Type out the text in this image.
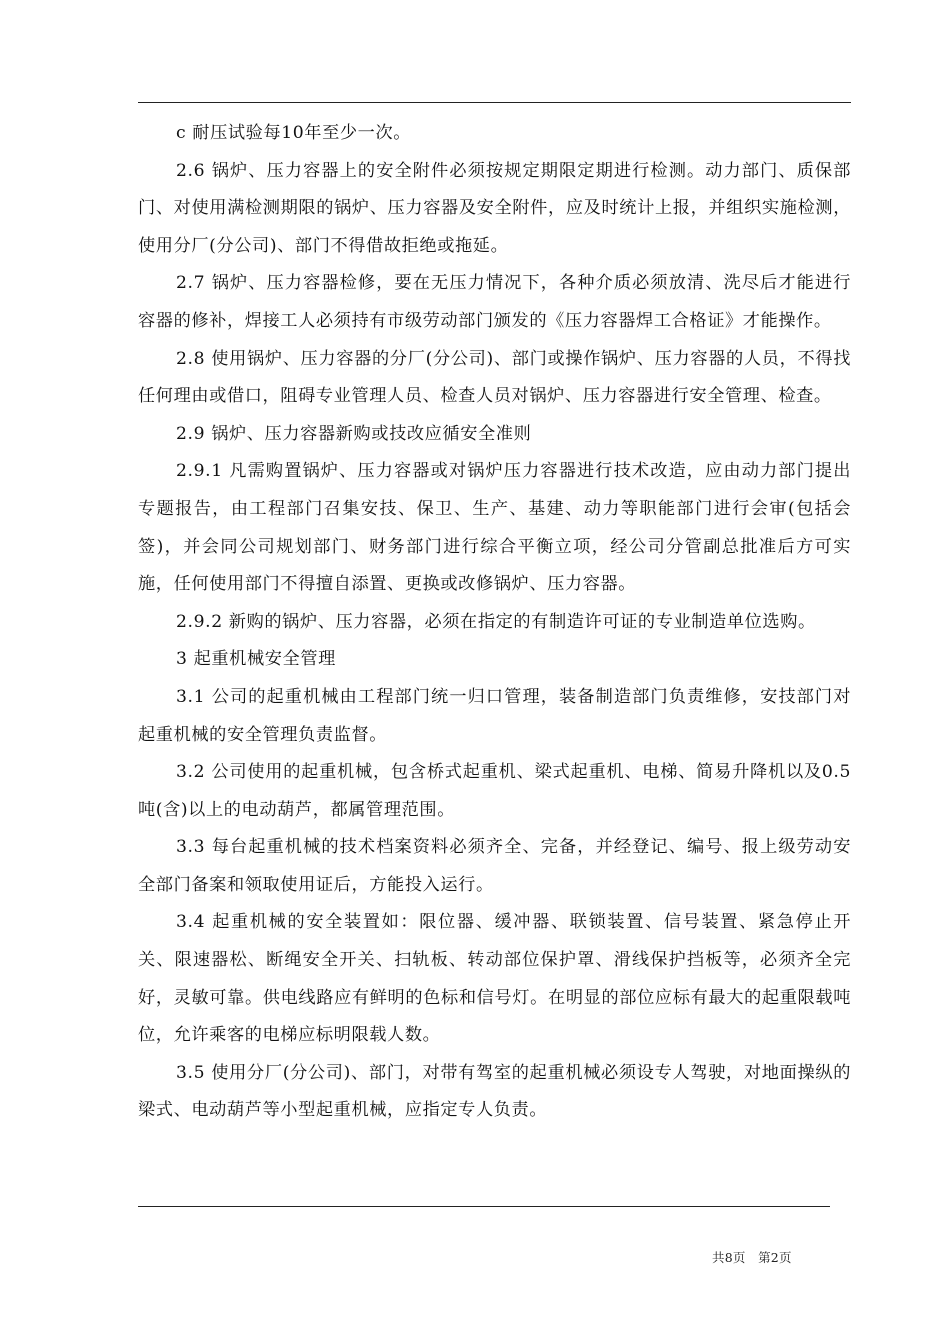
c 耐压试验每10年至少一次。

2.6 锅炉、压力容器上的安全附件必须按规定期限定期进行检测。动力部门、质保部门、对使用满检测期限的锅炉、压力容器及安全附件，应及时统计上报，并组织实施检测，使用分厂(分公司)、部门不得借故拒绝或拖延。

2.7 锅炉、压力容器检修，要在无压力情况下，各种介质必须放清、洗尽后才能进行容器的修补，焊接工人必须持有市级劳动部门颁发的《压力容器焊工合格证》才能操作。

2.8 使用锅炉、压力容器的分厂(分公司)、部门或操作锅炉、压力容器的人员，不得找任何理由或借口，阻碍专业管理人员、检查人员对锅炉、压力容器进行安全管理、检查。

2.9 锅炉、压力容器新购或技改应循安全准则

2.9.1 凡需购置锅炉、压力容器或对锅炉压力容器进行技术改造，应由动力部门提出专题报告，由工程部门召集安技、保卫、生产、基建、动力等职能部门进行会审(包括会签)，并会同公司规划部门、财务部门进行综合平衡立项，经公司分管副总批准后方可实施，任何使用部门不得擅自添置、更换或改修锅炉、压力容器。

2.9.2 新购的锅炉、压力容器，必须在指定的有制造许可证的专业制造单位选购。

3 起重机械安全管理

3.1 公司的起重机械由工程部门统一归口管理，装备制造部门负责维修，安技部门对起重机械的安全管理负责监督。

3.2 公司使用的起重机械，包含桥式起重机、梁式起重机、电梯、简易升降机以及0.5吨(含)以上的电动葫芦，都属管理范围。

3.3 每台起重机械的技术档案资料必须齐全、完备，并经登记、编号、报上级劳动安全部门备案和领取使用证后，方能投入运行。

3.4 起重机械的安全装置如：限位器、缓冲器、联锁装置、信号装置、紧急停止开关、限速器松、断绳安全开关、扫轨板、转动部位保护罩、滑线保护挡板等，必须齐全完好，灵敏可靠。供电线路应有鲜明的色标和信号灯。在明显的部位应标有最大的起重限载吨位，允许乘客的电梯应标明限载人数。

3.5 使用分厂(分公司)、部门，对带有驾室的起重机械必须设专人驾驶，对地面操纵的梁式、电动葫芦等小型起重机械，应指定专人负责。

共8页 第2页
